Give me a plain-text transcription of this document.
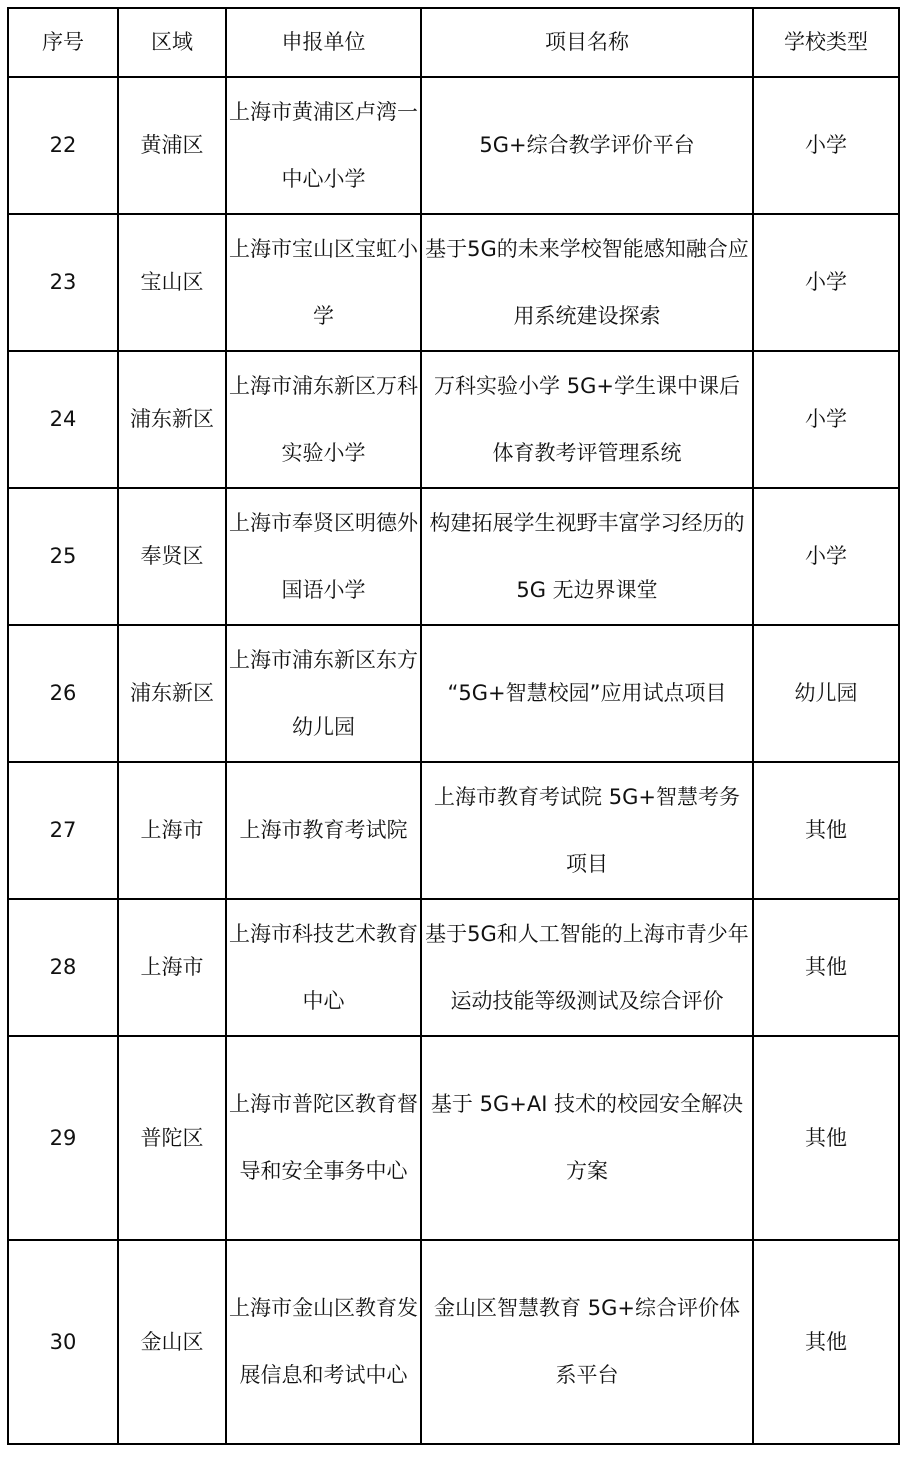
序号	区域	申报单位	项目名称	学校类型
22	黄浦区	上海市黄浦区卢湾一中心小学	5G+综合教学评价平台	小学
23	宝山区	上海市宝山区宝虹小学	基于5G的未来学校智能感知融合应用系统建设探索	小学
24	浦东新区	上海市浦东新区万科实验小学	万科实验小学 5G+学生课中课后体育教考评管理系统	小学
25	奉贤区	上海市奉贤区明德外国语小学	构建拓展学生视野丰富学习经历的 5G 无边界课堂	小学
26	浦东新区	上海市浦东新区东方幼儿园	“5G+智慧校园”应用试点项目	幼儿园
27	上海市	上海市教育考试院	上海市教育考试院 5G+智慧考务项目	其他
28	上海市	上海市科技艺术教育中心	基于5G和人工智能的上海市青少年运动技能等级测试及综合评价	其他
29	普陀区	上海市普陀区教育督导和安全事务中心	基于 5G+AI 技术的校园安全解决方案	其他
30	金山区	上海市金山区教育发展信息和考试中心	金山区智慧教育 5G+综合评价体系平台	其他
